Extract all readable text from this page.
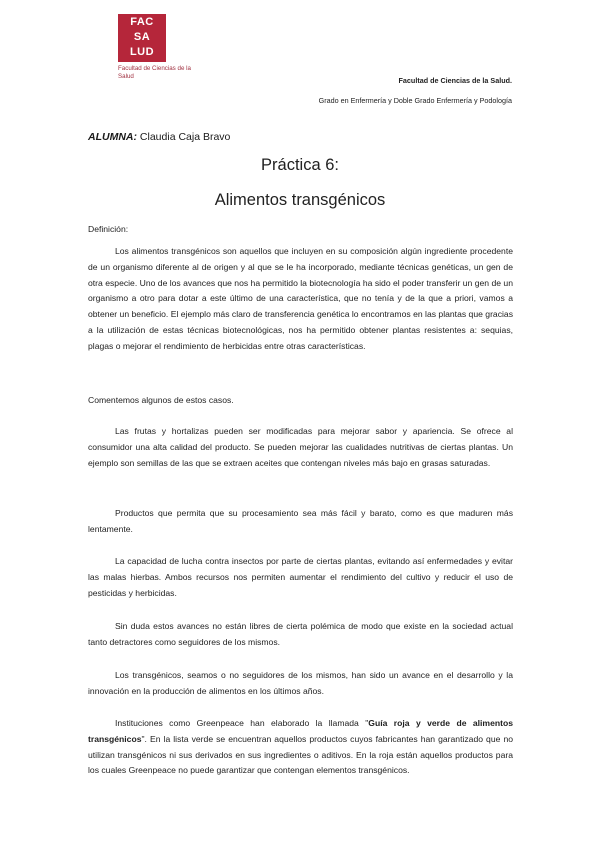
FAC
SA
LUD
Facultad de Ciencias de la Salud	Facultad de Ciencias de la Salud.
Grado en Enfermería y Doble Grado Enfermería y Podología
ALUMNA: Claudia Caja Bravo
Práctica 6:
Alimentos transgénicos
Definición:
Los alimentos transgénicos son aquellos que incluyen en su composición algún ingrediente procedente de un organismo diferente al de origen y al que se le ha incorporado, mediante técnicas genéticas, un gen de otra especie. Uno de los avances que nos ha permitido la biotecnología ha sido el poder transferir un gen de un organismo a otro para dotar a este último de una característica, que no tenía y de la que a priori, vamos a obtener un beneficio. El ejemplo más claro de transferencia genética lo encontramos en las plantas que gracias a la utilización de estas técnicas biotecnológicas, nos ha permitido obtener plantas resistentes a: sequias, plagas o mejorar el rendimiento de herbicidas entre otras características.
Comentemos algunos de estos casos.
Las frutas y hortalizas pueden ser modificadas para mejorar sabor y apariencia. Se ofrece al consumidor una alta calidad del producto. Se pueden mejorar las cualidades nutritivas de ciertas plantas. Un ejemplo son semillas de las que se extraen aceites que contengan niveles más bajo en grasas saturadas.
Productos que permita que su procesamiento sea más fácil y barato, como es que maduren más lentamente.
La capacidad de lucha contra insectos por parte de ciertas plantas, evitando así enfermedades y evitar las malas hierbas. Ambos recursos nos permiten aumentar el rendimiento del cultivo y reducir el uso de pesticidas y herbicidas.
Sin duda estos avances no están libres de cierta polémica de modo que existe en la sociedad actual tanto detractores como seguidores de los mismos.
Los transgénicos, seamos o no seguidores de los mismos, han sido un avance en el desarrollo y la innovación en la producción de alimentos en los últimos años.
Instituciones como Greenpeace han elaborado la llamada "Guía roja y verde de alimentos transgénicos". En la lista verde se encuentran aquellos productos cuyos fabricantes han garantizado que no utilizan transgénicos ni sus derivados en sus ingredientes o aditivos. En la roja están aquellos productos para los cuales Greenpeace no puede garantizar que contengan elementos transgénicos.
